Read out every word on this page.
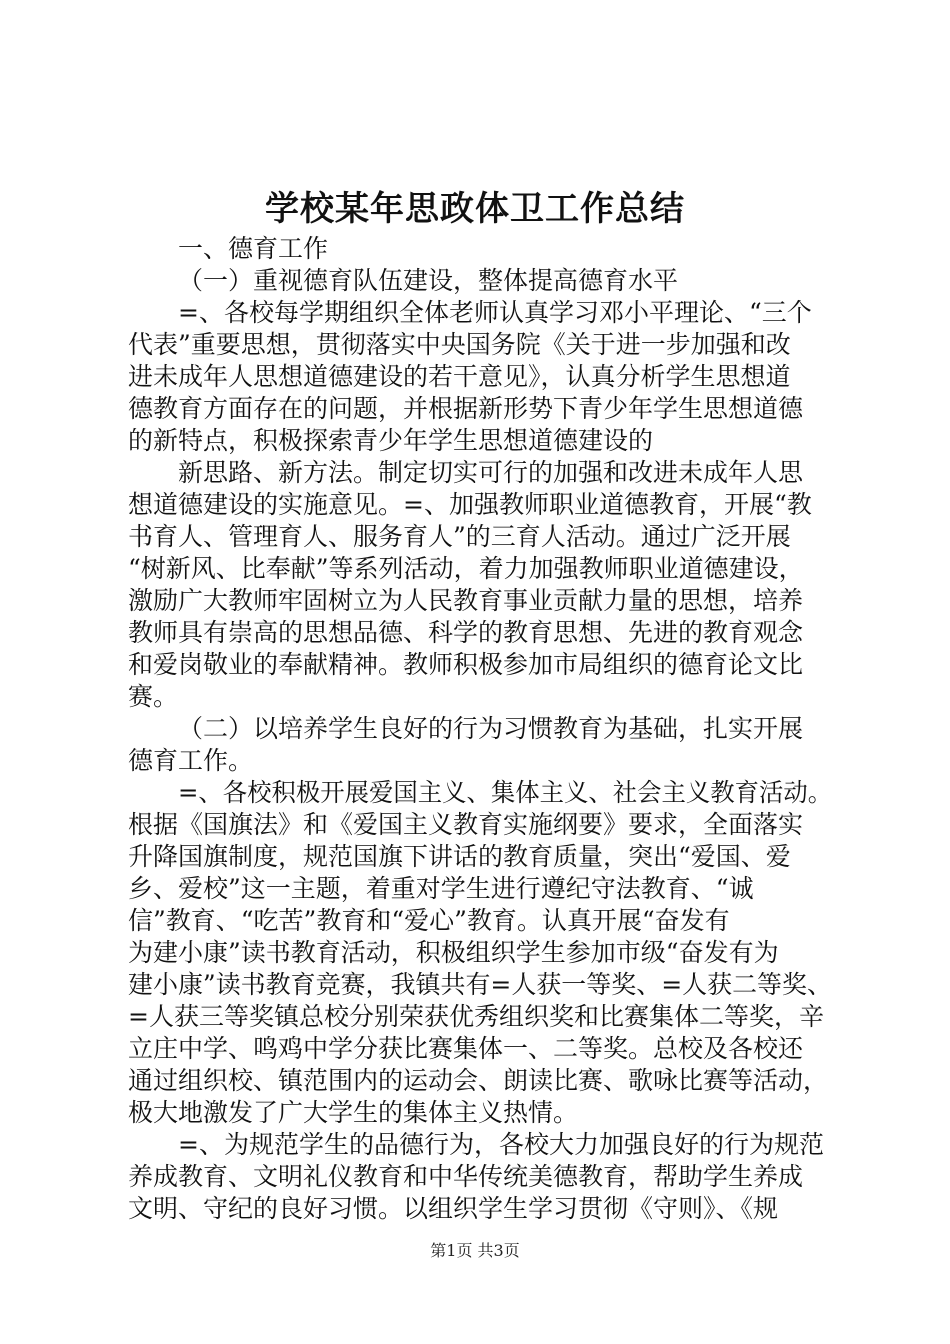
学校某年思政体卫工作总结
一、德育工作
（一）重视德育队伍建设，整体提高德育水平
=、各校每学期组织全体老师认真学习邓小平理论、“三个
代表”重要思想，贯彻落实中央国务院《关于进一步加强和改
进未成年人思想道德建设的若干意见》，认真分析学生思想道
德教育方面存在的问题，并根据新形势下青少年学生思想道德
的新特点，积极探索青少年学生思想道德建设的
新思路、新方法。制定切实可行的加强和改进未成年人思
想道德建设的实施意见。=、加强教师职业道德教育，开展“教
书育人、管理育人、服务育人”的三育人活动。通过广泛开展
“树新风、比奉献”等系列活动，着力加强教师职业道德建设，
激励广大教师牢固树立为人民教育事业贡献力量的思想，培养
教师具有崇高的思想品德、科学的教育思想、先进的教育观念
和爱岗敬业的奉献精神。教师积极参加市局组织的德育论文比
赛。
（二）以培养学生良好的行为习惯教育为基础，扎实开展
德育工作。
=、各校积极开展爱国主义、集体主义、社会主义教育活动。
根据《国旗法》和《爱国主义教育实施纲要》要求，全面落实
升降国旗制度，规范国旗下讲话的教育质量，突出“爱国、爱
乡、爱校”这一主题，着重对学生进行遵纪守法教育、“诚
信”教育、“吃苦”教育和“爱心”教育。认真开展“奋发有
为建小康”读书教育活动，积极组织学生参加市级“奋发有为
建小康”读书教育竞赛，我镇共有=人获一等奖、=人获二等奖、
=人获三等奖镇总校分别荣获优秀组织奖和比赛集体二等奖，辛
立庄中学、鸣鸡中学分获比赛集体一、二等奖。总校及各校还
通过组织校、镇范围内的运动会、朗读比赛、歌咏比赛等活动，
极大地激发了广大学生的集体主义热情。
=、为规范学生的品德行为，各校大力加强良好的行为规范
养成教育、文明礼仪教育和中华传统美德教育，帮助学生养成
文明、守纪的良好习惯。以组织学生学习贯彻《守则》、《规
第1页 共3页
